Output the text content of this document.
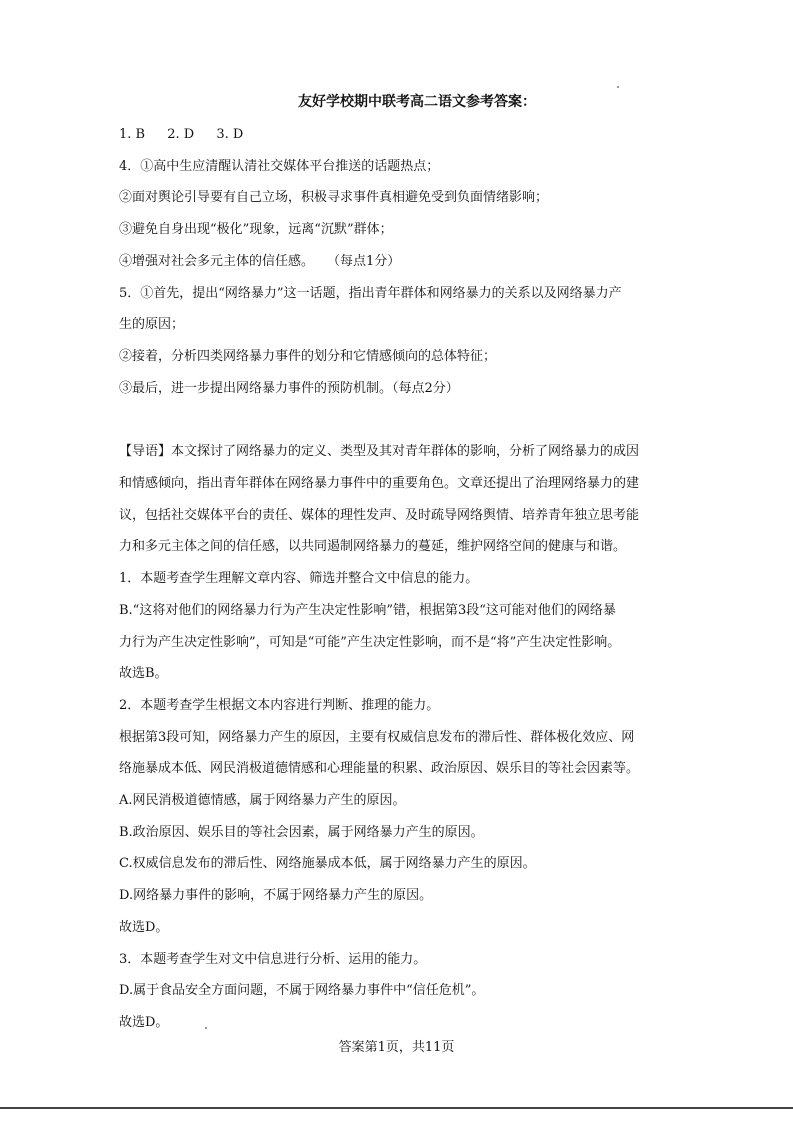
友好学校期中联考高二语文参考答案：

1. B 2. D 3. D

4．①高中生应清醒认清社交媒体平台推送的话题热点；

②面对舆论引导要有自己立场，积极寻求事件真相避免受到负面情绪影响；

③避免自身出现“极化”现象，远离“沉默”群体；

④增强对社会多元主体的信任感。　　（每点1分）

5．①首先，提出“网络暴力”这一话题，指出青年群体和网络暴力的关系以及网络暴力产

生的原因；

②接着，分析四类网络暴力事件的划分和它情感倾向的总体特征；

③最后，进一步提出网络暴力事件的预防机制。（每点2分）

【导语】本文探讨了网络暴力的定义、类型及其对青年群体的影响，分析了网络暴力的成因

和情感倾向，指出青年群体在网络暴力事件中的重要角色。文章还提出了治理网络暴力的建

议，包括社交媒体平台的责任、媒体的理性发声、及时疏导网络舆情、培养青年独立思考能

力和多元主体之间的信任感，以共同遏制网络暴力的蔓延，维护网络空间的健康与和谐。

1．本题考查学生理解文章内容、筛选并整合文中信息的能力。

B.“这将对他们的网络暴力行为产生决定性影响”错，根据第3段“这可能对他们的网络暴

力行为产生决定性影响”，可知是“可能”产生决定性影响，而不是“将”产生决定性影响。

故选B。

2．本题考查学生根据文本内容进行判断、推理的能力。

根据第3段可知，网络暴力产生的原因，主要有权威信息发布的滞后性、群体极化效应、网

络施暴成本低、网民消极道德情感和心理能量的积累、政治原因、娱乐目的等社会因素等。

A.网民消极道德情感，属于网络暴力产生的原因。

B.政治原因、娱乐目的等社会因素，属于网络暴力产生的原因。

C.权威信息发布的滞后性、网络施暴成本低，属于网络暴力产生的原因。

D.网络暴力事件的影响，不属于网络暴力产生的原因。

故选D。

3．本题考查学生对文中信息进行分析、运用的能力。

D.属于食品安全方面问题，不属于网络暴力事件中“信任危机”。

故选D。

答案第1页，共11页
